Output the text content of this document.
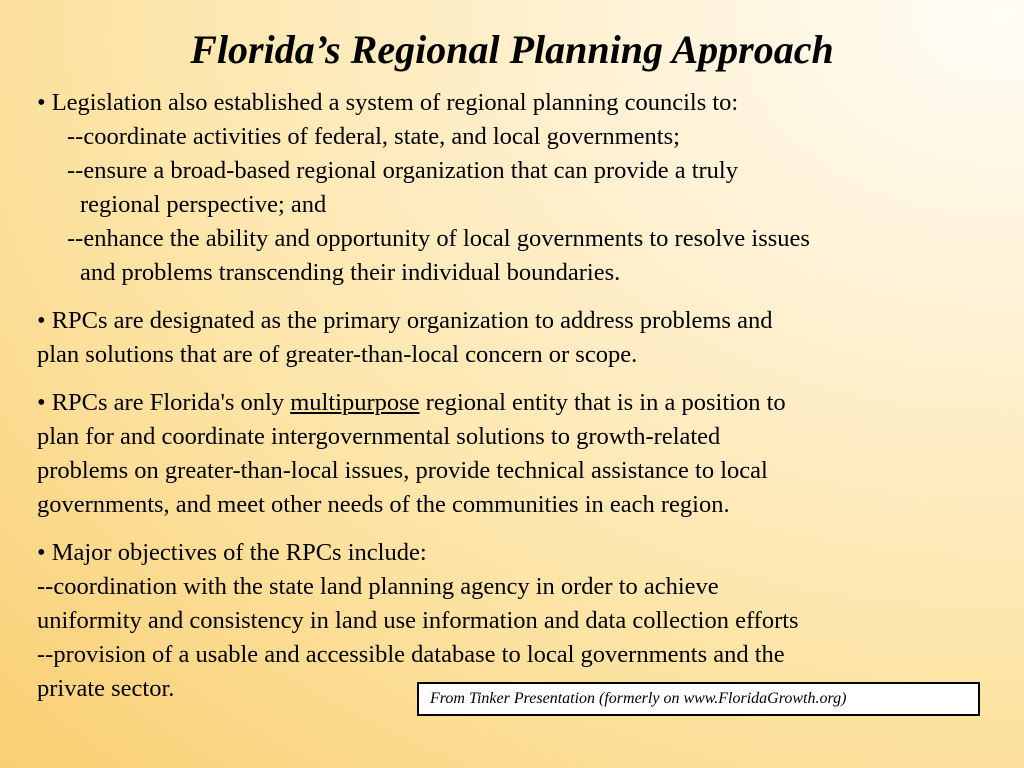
Florida’s Regional Planning Approach
• Legislation also established a system of regional planning councils to:
--coordinate activities of federal, state, and local governments;
--ensure a broad-based regional organization that can provide a truly
regional perspective; and
--enhance the ability and opportunity of local governments to resolve issues
and problems transcending their individual boundaries.
• RPCs are designated as the primary organization to address problems and
plan solutions that are of greater-than-local concern or scope.
• RPCs are Florida's only multipurpose regional entity that is in a position to
plan for and coordinate intergovernmental solutions to growth-related
problems on greater-than-local issues, provide technical assistance to local
governments, and meet other needs of the communities in each region.
• Major objectives of the RPCs include:
--coordination with the state land planning agency in order to achieve
uniformity and consistency in land use information and data collection efforts
--provision of a usable and accessible database to local governments and the
private sector.	From Tinker Presentation (formerly on www.FloridaGrowth.org)
